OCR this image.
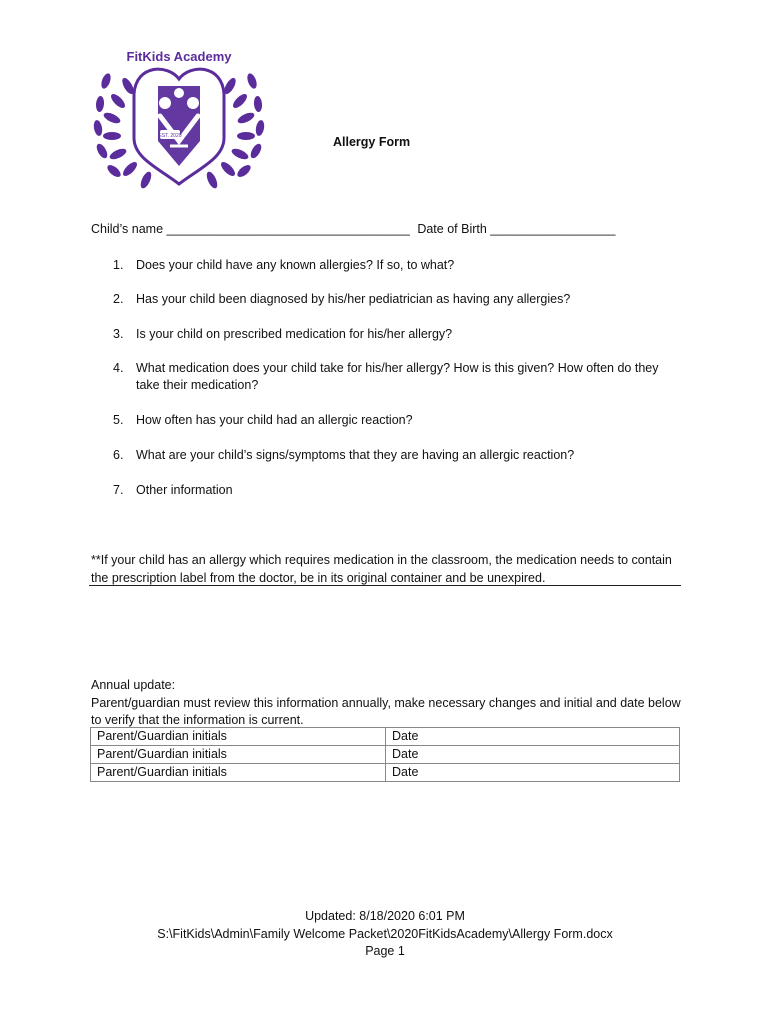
FitKids Academy
EST. 2020	Allergy Form
Child’s name ___________________________________ Date of Birth __________________
1. Does your child have any known allergies? If so, to what?
2. Has your child been diagnosed by his/her pediatrician as having any allergies?
3. Is your child on prescribed medication for his/her allergy?
4. What medication does your child take for his/her allergy? How is this given? How often do they take their medication?
5. How often has your child had an allergic reaction?
6. What are your child’s signs/symptoms that they are having an allergic reaction?
7. Other information
**If your child has an allergy which requires medication in the classroom, the medication needs to contain the prescription label from the doctor, be in its original container and be unexpired.
Annual update:
Parent/guardian must review this information annually, make necessary changes and initial and date below to verify that the information is current.
Parent/Guardian initials	Date
Parent/Guardian initials	Date
Parent/Guardian initials	Date
Updated: 8/18/2020 6:01 PM
S:\FitKids\Admin\Family Welcome Packet\2020FitKidsAcademy\Allergy Form.docx
Page 1
